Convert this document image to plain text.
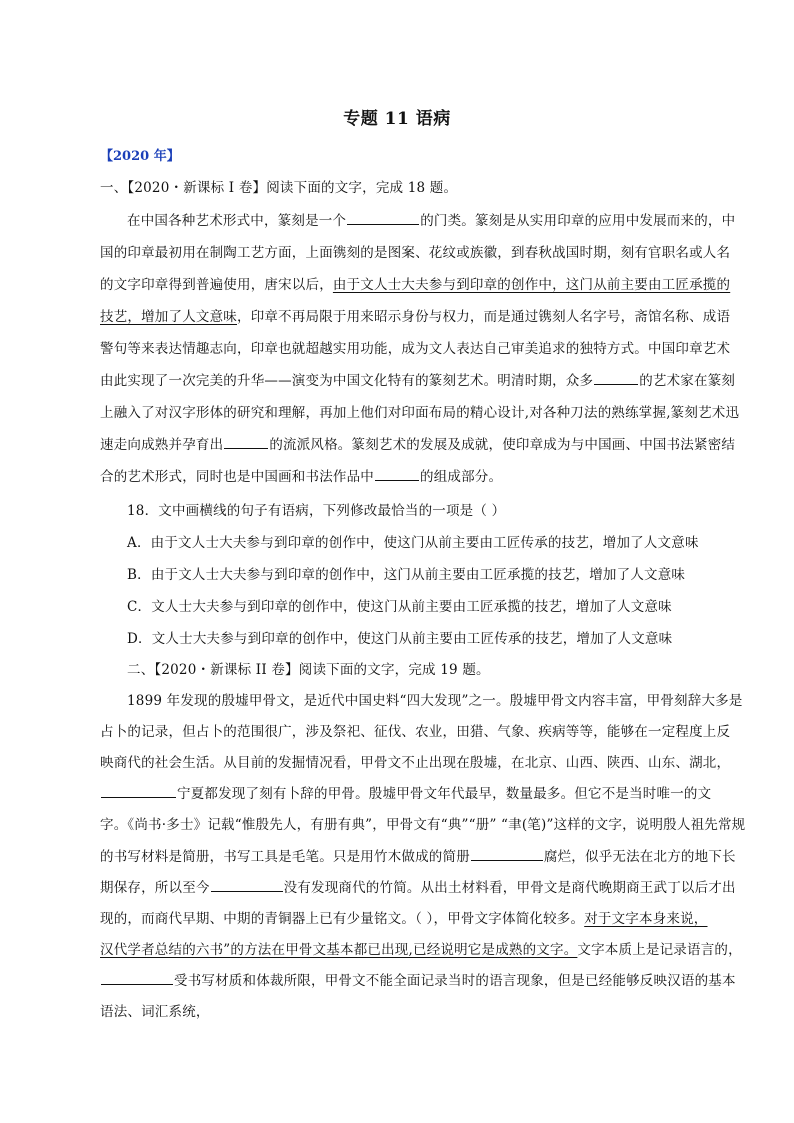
专题 11 语病
【2020 年】
一、【2020・新课标 I 卷】阅读下面的文字，完成 18 题。
在中国各种艺术形式中，篆刻是一个	的门类。篆刻是从实用印章的应用中发展而来的，中
国的印章最初用在制陶工艺方面，上面镌刻的是图案、花纹或族徽，到春秋战国时期，刻有官职名或人名
的文字印章得到普遍使用，唐宋以后，由于文人士大夫参与到印章的创作中，这门从前主要由工匠承揽的
技艺，增加了人文意味，印章不再局限于用来昭示身份与权力，而是通过镌刻人名字号，斋馆名称、成语
警句等来表达情趣志向，印章也就超越实用功能，成为文人表达自己审美追求的独特方式。中国印章艺术
由此实现了一次完美的升华——演变为中国文化特有的篆刻艺术。明清时期，众多	的艺术家在篆刻
上融入了对汉字形体的研究和理解，再加上他们对印面布局的精心设计,对各种刀法的熟练掌握,篆刻艺术迅
速走向成熟并孕育出	的流派风格。篆刻艺术的发展及成就，使印章成为与中国画、中国书法紧密结
合的艺术形式，同时也是中国画和书法作品中	的组成部分。
18．文中画横线的句子有语病，下列修改最恰当的一项是（ ）
A．由于文人士大夫参与到印章的创作中，使这门从前主要由工匠传承的技艺，增加了人文意味
B．由于文人士大夫参与到印章的创作中，这门从前主要由工匠承揽的技艺，增加了人文意味
C．文人士大夫参与到印章的创作中，使这门从前主要由工匠承揽的技艺，增加了人文意味
D．文人士大夫参与到印章的创作中，使这门从前主要由工匠传承的技艺，增加了人文意味
二、【2020・新课标 II 卷】阅读下面的文字，完成 19 题。
1899 年发现的殷墟甲骨文，是近代中国史料“四大发现”之一。殷墟甲骨文内容丰富，甲骨刻辞大多是
占卜的记录，但占卜的范围很广，涉及祭祀、征伐、农业，田猎、气象、疾病等等，能够在一定程度上反
映商代的社会生活。从目前的发掘情况看，甲骨文不止出现在殷墟，在北京、山西、陕西、山东、湖北，
宁夏都发现了刻有卜辞的甲骨。殷墟甲骨文年代最早，数量最多。但它不是当时唯一的文
字。《尚书·多士》记载“惟殷先人，有册有典”，甲骨文有“典”“册” “聿(笔)”这样的文字，说明殷人祖先常规
的书写材料是简册，书写工具是毛笔。只是用竹木做成的简册	腐烂，似乎无法在北方的地下长
期保存，所以至今	没有发现商代的竹简。从出土材料看，甲骨文是商代晚期商王武丁以后才出
现的，而商代早期、中期的青铜器上已有少量铭文。（ ），甲骨文字体简化较多。对于文字本身来说，
汉代学者总结的六书”的方法在甲骨文基本都已出现,已经说明它是成熟的文字。文字本质上是记录语言的，
受书写材质和体裁所限，甲骨文不能全面记录当时的语言现象，但是已经能够反映汉语的基本
语法、词汇系统，
